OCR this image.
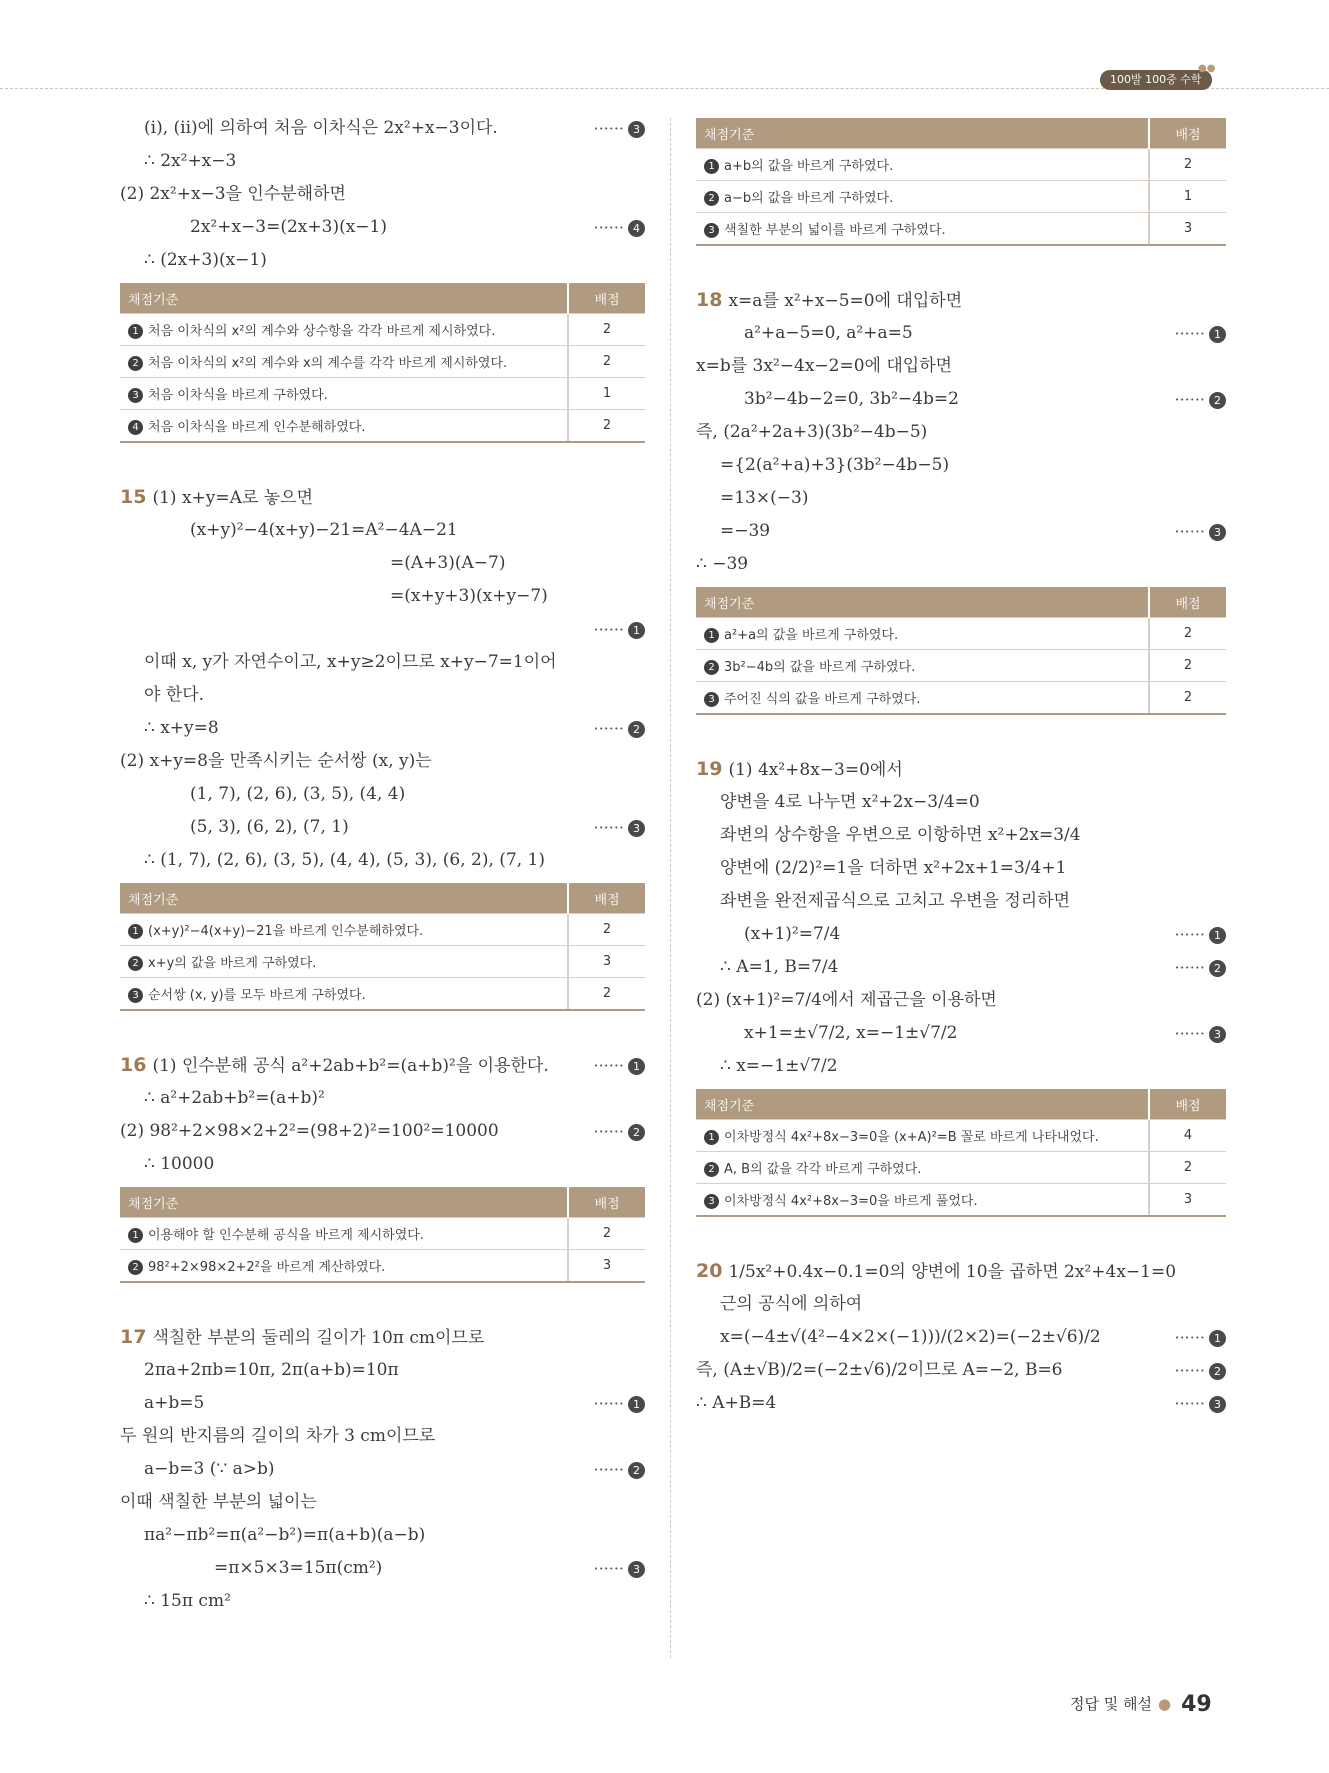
100발 100중 수학
●●
(i), (ii)에 의하여 처음 이차식은 2x²+x−3이다.	······ 3
∴ 2x²+x−3
(2) 2x²+x−3을 인수분해하면
2x²+x−3=(2x+3)(x−1)	······ 4
∴ (2x+3)(x−1)
채점기준	배점
1 처음 이차식의 x²의 계수와 상수항을 각각 바르게 제시하였다.	2
2 처음 이차식의 x²의 계수와 x의 계수를 각각 바르게 제시하였다.	2
3 처음 이차식을 바르게 구하였다.	1
4 처음 이차식을 바르게 인수분해하였다.	2
15 (1) x+y=A로 놓으면
(x+y)²−4(x+y)−21=A²−4A−21
=(A+3)(A−7)
=(x+y+3)(x+y−7)
······ 1
이때 x, y가 자연수이고, x+y≥2이므로 x+y−7=1이어
야 한다.
∴ x+y=8	······ 2
(2) x+y=8을 만족시키는 순서쌍 (x, y)는
(1, 7), (2, 6), (3, 5), (4, 4)
(5, 3), (6, 2), (7, 1)	······ 3
∴ (1, 7), (2, 6), (3, 5), (4, 4), (5, 3), (6, 2), (7, 1)
채점기준	배점
1 (x+y)²−4(x+y)−21을 바르게 인수분해하였다.	2
2 x+y의 값을 바르게 구하였다.	3
3 순서쌍 (x, y)를 모두 바르게 구하였다.	2
16 (1) 인수분해 공식 a²+2ab+b²=(a+b)²을 이용한다.	······ 1
∴ a²+2ab+b²=(a+b)²
(2) 98²+2×98×2+2²=(98+2)²=100²=10000	······ 2
∴ 10000
채점기준	배점
1 이용해야 할 인수분해 공식을 바르게 제시하였다.	2
2 98²+2×98×2+2²을 바르게 계산하였다.	3
17 색칠한 부분의 둘레의 길이가 10π cm이므로
2πa+2πb=10π, 2π(a+b)=10π
a+b=5	······ 1
두 원의 반지름의 길이의 차가 3 cm이므로
a−b=3 (∵ a>b)	······ 2
이때 색칠한 부분의 넓이는
πa²−πb²=π(a²−b²)=π(a+b)(a−b)
=π×5×3=15π(cm²)	······ 3
∴ 15π cm²
채점기준	배점
1 a+b의 값을 바르게 구하였다.	2
2 a−b의 값을 바르게 구하였다.	1
3 색칠한 부분의 넓이를 바르게 구하였다.	3
18 x=a를 x²+x−5=0에 대입하면
a²+a−5=0, a²+a=5	······ 1
x=b를 3x²−4x−2=0에 대입하면
3b²−4b−2=0, 3b²−4b=2	······ 2
즉, (2a²+2a+3)(3b²−4b−5)
={2(a²+a)+3}(3b²−4b−5)
=13×(−3)
=−39	······ 3
∴ −39
채점기준	배점
1 a²+a의 값을 바르게 구하였다.	2
2 3b²−4b의 값을 바르게 구하였다.	2
3 주어진 식의 값을 바르게 구하였다.	2
19 (1) 4x²+8x−3=0에서
양변을 4로 나누면 x²+2x−3/4=0
좌변의 상수항을 우변으로 이항하면 x²+2x=3/4
양변에 (2/2)²=1을 더하면 x²+2x+1=3/4+1
좌변을 완전제곱식으로 고치고 우변을 정리하면
(x+1)²=7/4	······ 1
∴ A=1, B=7/4	······ 2
(2) (x+1)²=7/4에서 제곱근을 이용하면
x+1=±√7/2, x=−1±√7/2	······ 3
∴ x=−1±√7/2
채점기준	배점
1 이차방정식 4x²+8x−3=0을 (x+A)²=B 꼴로 바르게 나타내었다.	4
2 A, B의 값을 각각 바르게 구하였다.	2
3 이차방정식 4x²+8x−3=0을 바르게 풀었다.	3
20 1/5x²+0.4x−0.1=0의 양변에 10을 곱하면 2x²+4x−1=0
근의 공식에 의하여
x=(−4±√(4²−4×2×(−1)))/(2×2)=(−2±√6)/2	······ 1
즉, (A±√B)/2=(−2±√6)/2이므로 A=−2, B=6	······ 2
∴ A+B=4	······ 3
정답 및 해설 ● 49
